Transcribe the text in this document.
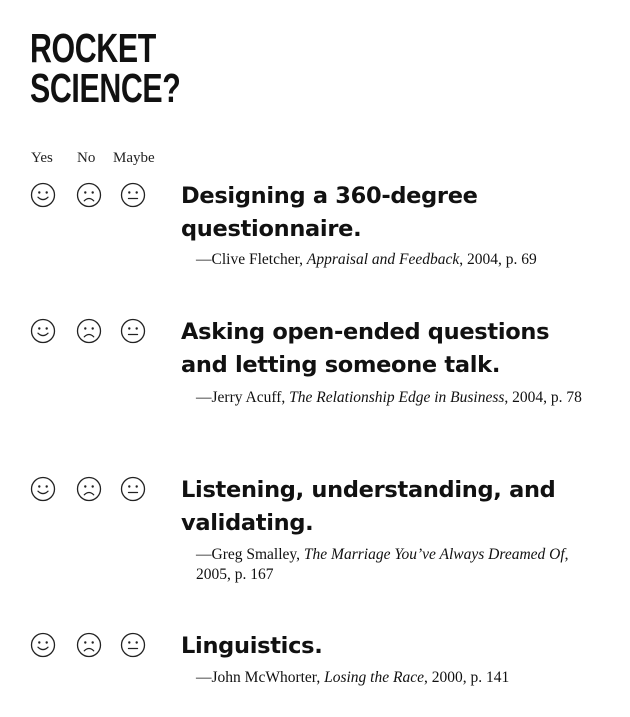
ROCKET
SCIENCE?
Yes No Maybe
Designing a 360-degree questionnaire.
—Clive Fletcher, Appraisal and Feedback, 2004, p. 69
Asking open-ended questions and letting someone talk.
—Jerry Acuff, The Relationship Edge in Business, 2004, p. 78
Listening, understanding, and validating.
—Greg Smalley, The Marriage You’ve Always Dreamed Of, 2005, p. 167
Linguistics.
—John McWhorter, Losing the Race, 2000, p. 141
